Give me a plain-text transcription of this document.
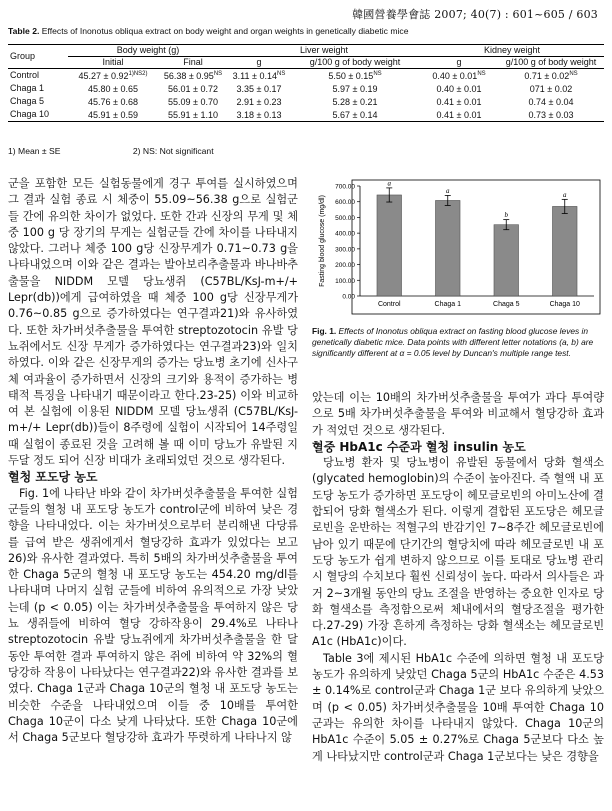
韓國營養學會誌 2007; 40(7) : 601~605 / 603
Table 2. Effects of Inonotus obliqua extract on body weight and organ weights in genetically diabetic mice
Group	Body weight (g)		Liver weight		Kidney weight	
	Initial	Final	g	g/100 g of body weight	g	g/100 g of body weight
Control	$45.27 \pm 0.92^{1)NS2)}$	$56.38 \pm 0.95^{NS}$	$3.11 \pm 0.14^{NS}$	$5.50 \pm 0.15^{NS}$	$0.40 \pm 0.01^{NS}$	$0.71 \pm 0.02^{NS}$
Chaga 1	45.80 ± 0.65	56.01 ± 0.72	3.35 ± 0.17	5.97 ± 0.19	0.40 ± 0.01	071 ± 0.02
Chaga 5	45.76 ± 0.68	55.09 ± 0.70	2.91 ± 0.23	5.28 ± 0.21	0.41 ± 0.01	0.74 ± 0.04
Chaga 10	45.91 ± 0.59	55.91 ± 1.10	3.18 ± 0.13	5.67 ± 0.14	0.41 ± 0.01	0.73 ± 0.03
1) Mean ± SE	2) NS: Not significant

군을 포함한 모든 실험동물에게 경구 투여를 실시하였으며 그 결과 실험 종료 시 체중이 55.09~56.38 g으로 실험군들 간에 유의한 차이가 없었다. 또한 간과 신장의 무게 및 체중 100 g 당 장기의 무게는 실험군들 간에 차이를 나타내지 않았다. 그러나 체중 100 g당 신장무게가 0.71~0.73 g을 나타내었으며 이와 같은 결과는 발아보리추출물과 바나바추출물을 NIDDM 모델 당뇨생쥐 (C57BL/KsJ-m+/+ Lepr(db))에게 급여하였을 때 체중 100 g당 신장무게가 0.76~0.85 g으로 증가하였다는 연구결과21)와 유사하였다. 또한 차가버섯추출물을 투여한 streptozotocin 유발 당뇨쥐에서도 신장 무게가 증가하였다는 연구결과23)와 일치하였다. 이와 같은 신장무게의 증가는 당뇨병 초기에 신사구체 여과율이 증가하면서 신장의 크기와 용적이 증가하는 병태적 특징을 나타내기 때문이라고 한다.23-25) 이와 비교하여 본 실험에 이용된 NIDDM 모델 당뇨생쥐 (C57BL/KsJ-m+/+ Lepr(db))들이 8주령에 실험이 시작되어 14주령일 때 실험이 종료된 것을 고려해 볼 때 이미 당뇨가 유발된 지 두달 정도 되어 신장 비대가 초래되었던 것으로 생각된다.

혈청 포도당 농도

Fig. 1에 나타난 바와 같이 차가버섯추출물을 투여한 실험군들의 혈청 내 포도당 농도가 control군에 비하여 낮은 경향을 나타내었다. 이는 차가버섯으로부터 분리해낸 다당류를 급여 받은 생쥐에게서 혈당강하 효과가 있었다는 보고26)와 유사한 결과였다. 특히 5배의 차가버섯추출물을 투여한 Chaga 5군의 혈청 내 포도당 농도는 454.20 mg/dl를 나타내며 나머지 실험 군들에 비하여 유의적으로 가장 낮았는데 (p < 0.05) 이는 차가버섯추출물을 투여하지 않은 당뇨 생쥐들에 비하여 혈당 강하작용이 29.4%로 나타나 streptozotocin 유발 당뇨쥐에게 차가버섯추출물을 한 달 동안 투여한 결과 투여하지 않은 쥐에 비하여 약 32%의 혈당강하 작용이 나타났다는 연구결과22)와 유사한 결과를 보였다. Chaga 1군과 Chaga 10군의 혈청 내 포도당 농도는 비슷한 수준을 나타내었으며 이들 중 10배를 투여한 Chaga 10군이 다소 낮게 나타났다. 또한 Chaga 10군에서 Chaga 5군보다 혈당강하 효과가 뚜렷하게 나타나지 않

0.00
100.00
200.00
300.00
400.00
500.00
600.00
700.00
Fasting blood glucose (mg/dl)
a
Control
a
Chaga 1
b
Chaga 5
a
Chaga 10
Fig. 1. Effects of Inonotus obliqua extract on fasting blood glucose leves in genetically diabetic mice. Data points with different letter notations (a, b) are significantly different at α = 0.05 level by Duncan's multiple range test.

았는데 이는 10배의 차가버섯추출물을 투여가 과다 투여량으로 5배 차가버섯추출물을 투여와 비교해서 혈당강하 효과가 적었던 것으로 생각된다.

혈중 HbA1c 수준과 혈청 insulin 농도

당뇨병 환자 및 당뇨병이 유발된 동물에서 당화 혈색소 (glycated hemoglobin)의 수준이 높아진다. 즉 혈액 내 포도당 농도가 증가하면 포도당이 헤모글로빈의 아미노산에 결합되어 당화 혈색소가 된다. 이렇게 결합된 포도당은 헤모글로빈을 운반하는 적혈구의 반감기인 7~8주간 헤모글로빈에 남아 있기 때문에 단기간의 혈당치에 따라 헤모글로빈 내 포도당 농도가 쉽게 변하지 않으므로 이를 토대로 당뇨병 관리시 혈당의 수치보다 훨씬 신뢰성이 높다. 따라서 의사들은 과거 2~3개월 동안의 당뇨 조절을 반영하는 중요한 인자로 당화 혈색소를 측정함으로써 체내에서의 혈당조절을 평가한다.27-29) 가장 흔하게 측정하는 당화 혈색소는 헤모글로빈 A1c (HbA1c)이다.

Table 3에 제시된 HbA1c 수준에 의하면 혈청 내 포도당 농도가 유의하게 낮았던 Chaga 5군의 HbA1c 수준은 4.53 ± 0.14%로 control군과 Chaga 1군 보다 유의하게 낮았으며 (p < 0.05) 차가버섯추출물을 10배 투여한 Chaga 10군과는 유의한 차이를 나타내지 않았다. Chaga 10군의 HbA1c 수준이 5.05 ± 0.27%로 Chaga 5군보다 다소 높게 나타났지만 control군과 Chaga 1군보다는 낮은 경향을
